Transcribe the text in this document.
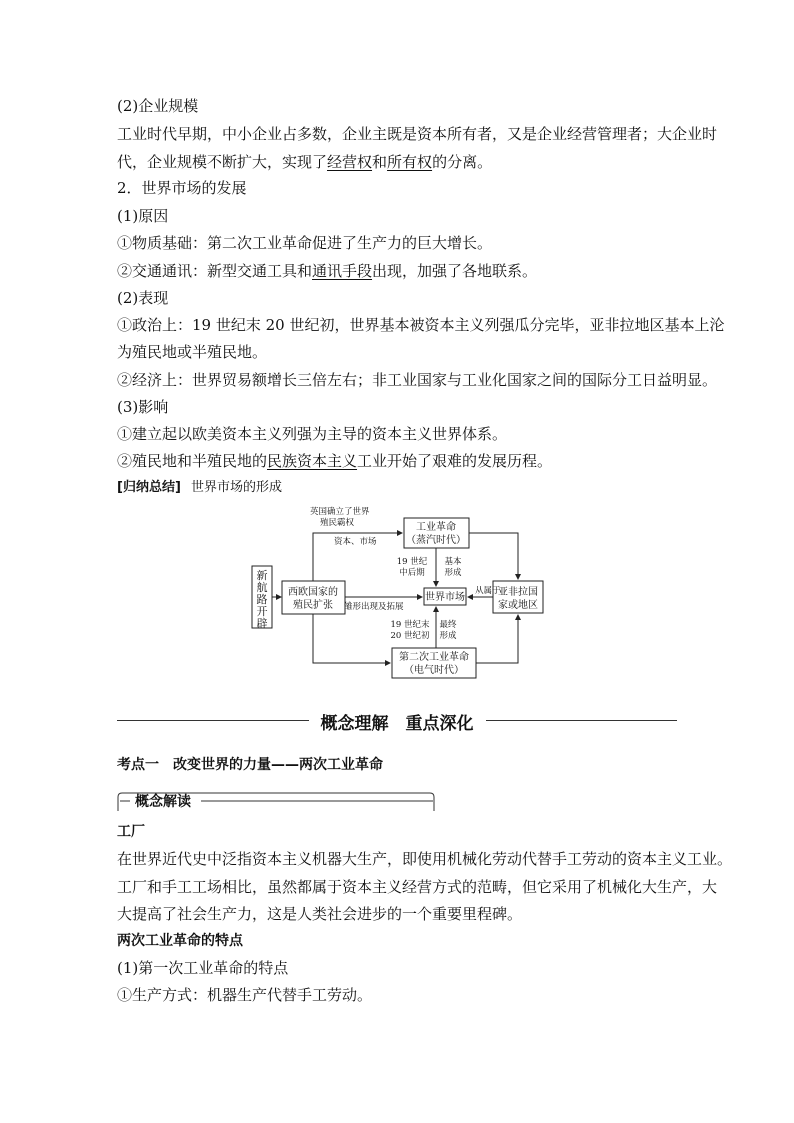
(2)企业规模
工业时代早期，中小企业占多数，企业主既是资本所有者，又是企业经营管理者；大企业时
代，企业规模不断扩大，实现了经营权和所有权的分离。
2．世界市场的发展
(1)原因
①物质基础：第二次工业革命促进了生产力的巨大增长。
②交通通讯：新型交通工具和通讯手段出现，加强了各地联系。
(2)表现
①政治上：19 世纪末 20 世纪初，世界基本被资本主义列强瓜分完毕，亚非拉地区基本上沦
为殖民地或半殖民地。
②经济上：世界贸易额增长三倍左右；非工业国家与工业化国家之间的国际分工日益明显。
(3)影响
①建立起以欧美资本主义列强为主导的资本主义世界体系。
②殖民地和半殖民地的民族资本主义工业开始了艰难的发展历程。
[归纳总结] 世界市场的形成
新航路开辟
西欧国家的
殖民扩张
工业革命
（蒸汽时代）
世界市场	亚非拉国
家或地区
第二次工业革命
（电气时代）
英国确立了世界
殖民霸权
资本、市场
19 世纪
中后期
基本
形成
从属于
雏形出现及拓展
19 世纪末
20 世纪初
最终
形成
概念理解　重点深化
考点一　改变世界的力量——两次工业革命
概念解读
工厂
在世界近代史中泛指资本主义机器大生产，即使用机械化劳动代替手工劳动的资本主义工业。
工厂和手工工场相比，虽然都属于资本主义经营方式的范畴，但它采用了机械化大生产，大
大提高了社会生产力，这是人类社会进步的一个重要里程碑。
两次工业革命的特点
(1)第一次工业革命的特点
①生产方式：机器生产代替手工劳动。
